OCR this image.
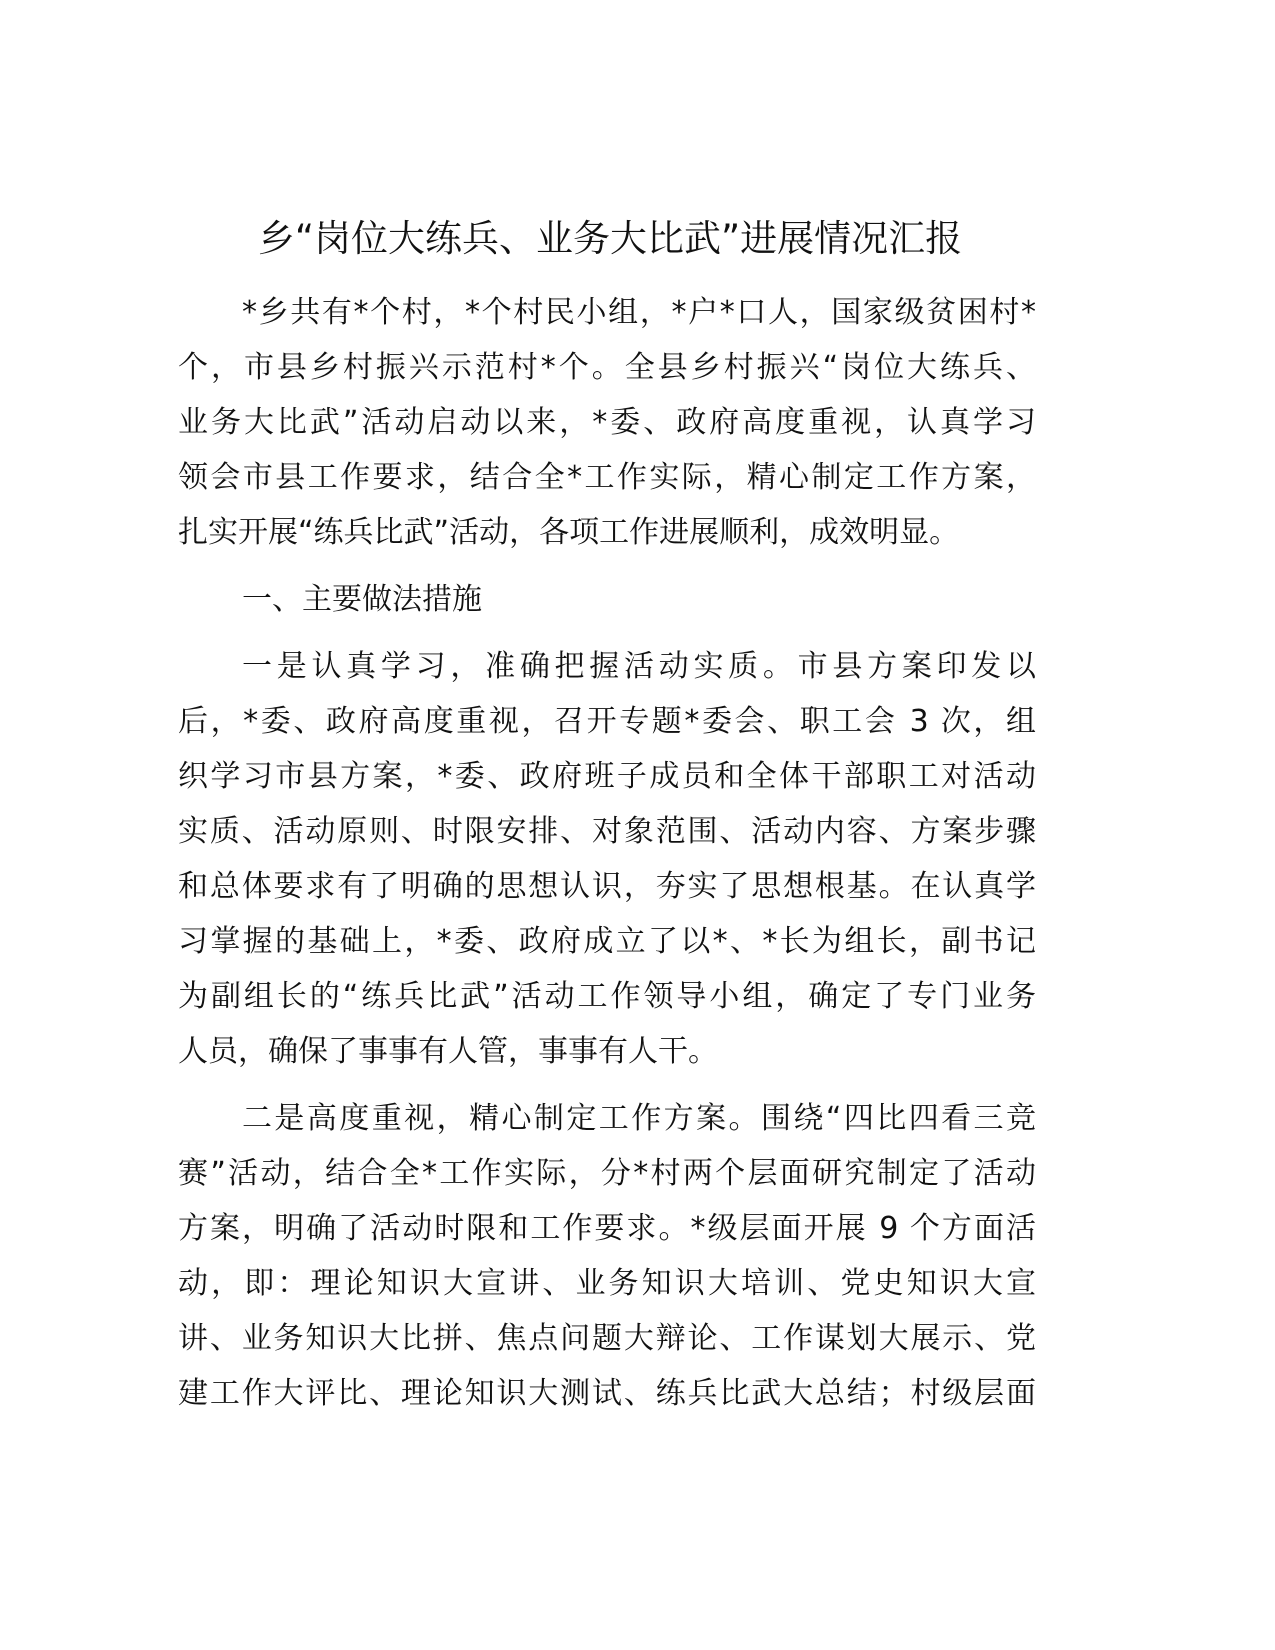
乡“岗位大练兵、业务大比武”进展情况汇报
*乡共有*个村，*个村民小组，*户*口人，国家级贫困村*
个，市县乡村振兴示范村*个。全县乡村振兴“岗位大练兵、
业务大比武”活动启动以来，*委、政府高度重视，认真学习
领会市县工作要求，结合全*工作实际，精心制定工作方案，
扎实开展“练兵比武”活动，各项工作进展顺利，成效明显。
一、主要做法措施
一是认真学习，准确把握活动实质。市县方案印发以
后，*委、政府高度重视，召开专题*委会、职工会 3 次，组
织学习市县方案，*委、政府班子成员和全体干部职工对活动
实质、活动原则、时限安排、对象范围、活动内容、方案步骤
和总体要求有了明确的思想认识，夯实了思想根基。在认真学
习掌握的基础上，*委、政府成立了以*、*长为组长，副书记
为副组长的“练兵比武”活动工作领导小组，确定了专门业务
人员，确保了事事有人管，事事有人干。
二是高度重视，精心制定工作方案。围绕“四比四看三竞
赛”活动，结合全*工作实际，分*村两个层面研究制定了活动
方案，明确了活动时限和工作要求。*级层面开展 9 个方面活
动，即：理论知识大宣讲、业务知识大培训、党史知识大宣
讲、业务知识大比拼、焦点问题大辩论、工作谋划大展示、党
建工作大评比、理论知识大测试、练兵比武大总结；村级层面
